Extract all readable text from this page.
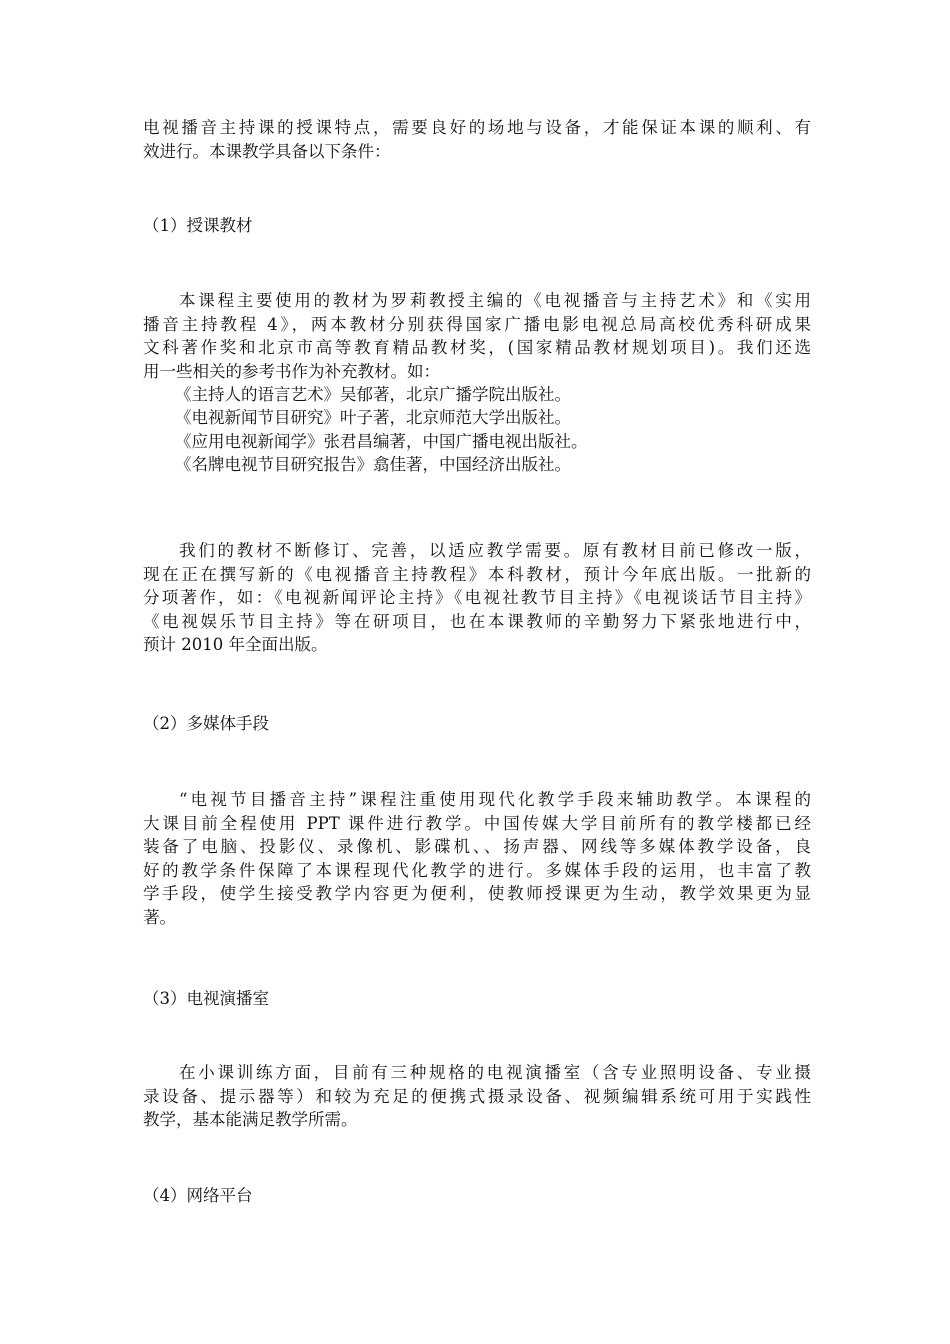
电视播音主持课的授课特点，需要良好的场地与设备，才能保证本课的顺利、有
效进行。本课教学具备以下条件：
（1）授课教材
本课程主要使用的教材为罗莉教授主编的《电视播音与主持艺术》和《实用
播音主持教程 4》，两本教材分别获得国家广播电影电视总局高校优秀科研成果
文科著作奖和北京市高等教育精品教材奖，(国家精品教材规划项目)。我们还选
用一些相关的参考书作为补充教材。如：
《主持人的语言艺术》吴郁著，北京广播学院出版社。
《电视新闻节目研究》叶子著，北京师范大学出版社。
《应用电视新闻学》张君昌编著，中国广播电视出版社。
《名牌电视节目研究报告》翕佳著，中国经济出版社。
我们的教材不断修订、完善，以适应教学需要。原有教材目前已修改一版，
现在正在撰写新的《电视播音主持教程》本科教材，预计今年底出版。一批新的
分项著作，如：《电视新闻评论主持》《电视社教节目主持》《电视谈话节目主持》
《电视娱乐节目主持》等在研项目，也在本课教师的辛勤努力下紧张地进行中，
预计 2010 年全面出版。
（2）多媒体手段
“电视节目播音主持”课程注重使用现代化教学手段来辅助教学。本课程的
大课目前全程使用 PPT 课件进行教学。中国传媒大学目前所有的教学楼都已经
装备了电脑、投影仪、录像机、影碟机、、扬声器、网线等多媒体教学设备，良
好的教学条件保障了本课程现代化教学的进行。多媒体手段的运用，也丰富了教
学手段，使学生接受教学内容更为便利，使教师授课更为生动，教学效果更为显
著。
（3）电视演播室
在小课训练方面，目前有三种规格的电视演播室（含专业照明设备、专业摄
录设备、提示器等）和较为充足的便携式摄录设备、视频编辑系统可用于实践性
教学，基本能满足教学所需。
（4）网络平台
